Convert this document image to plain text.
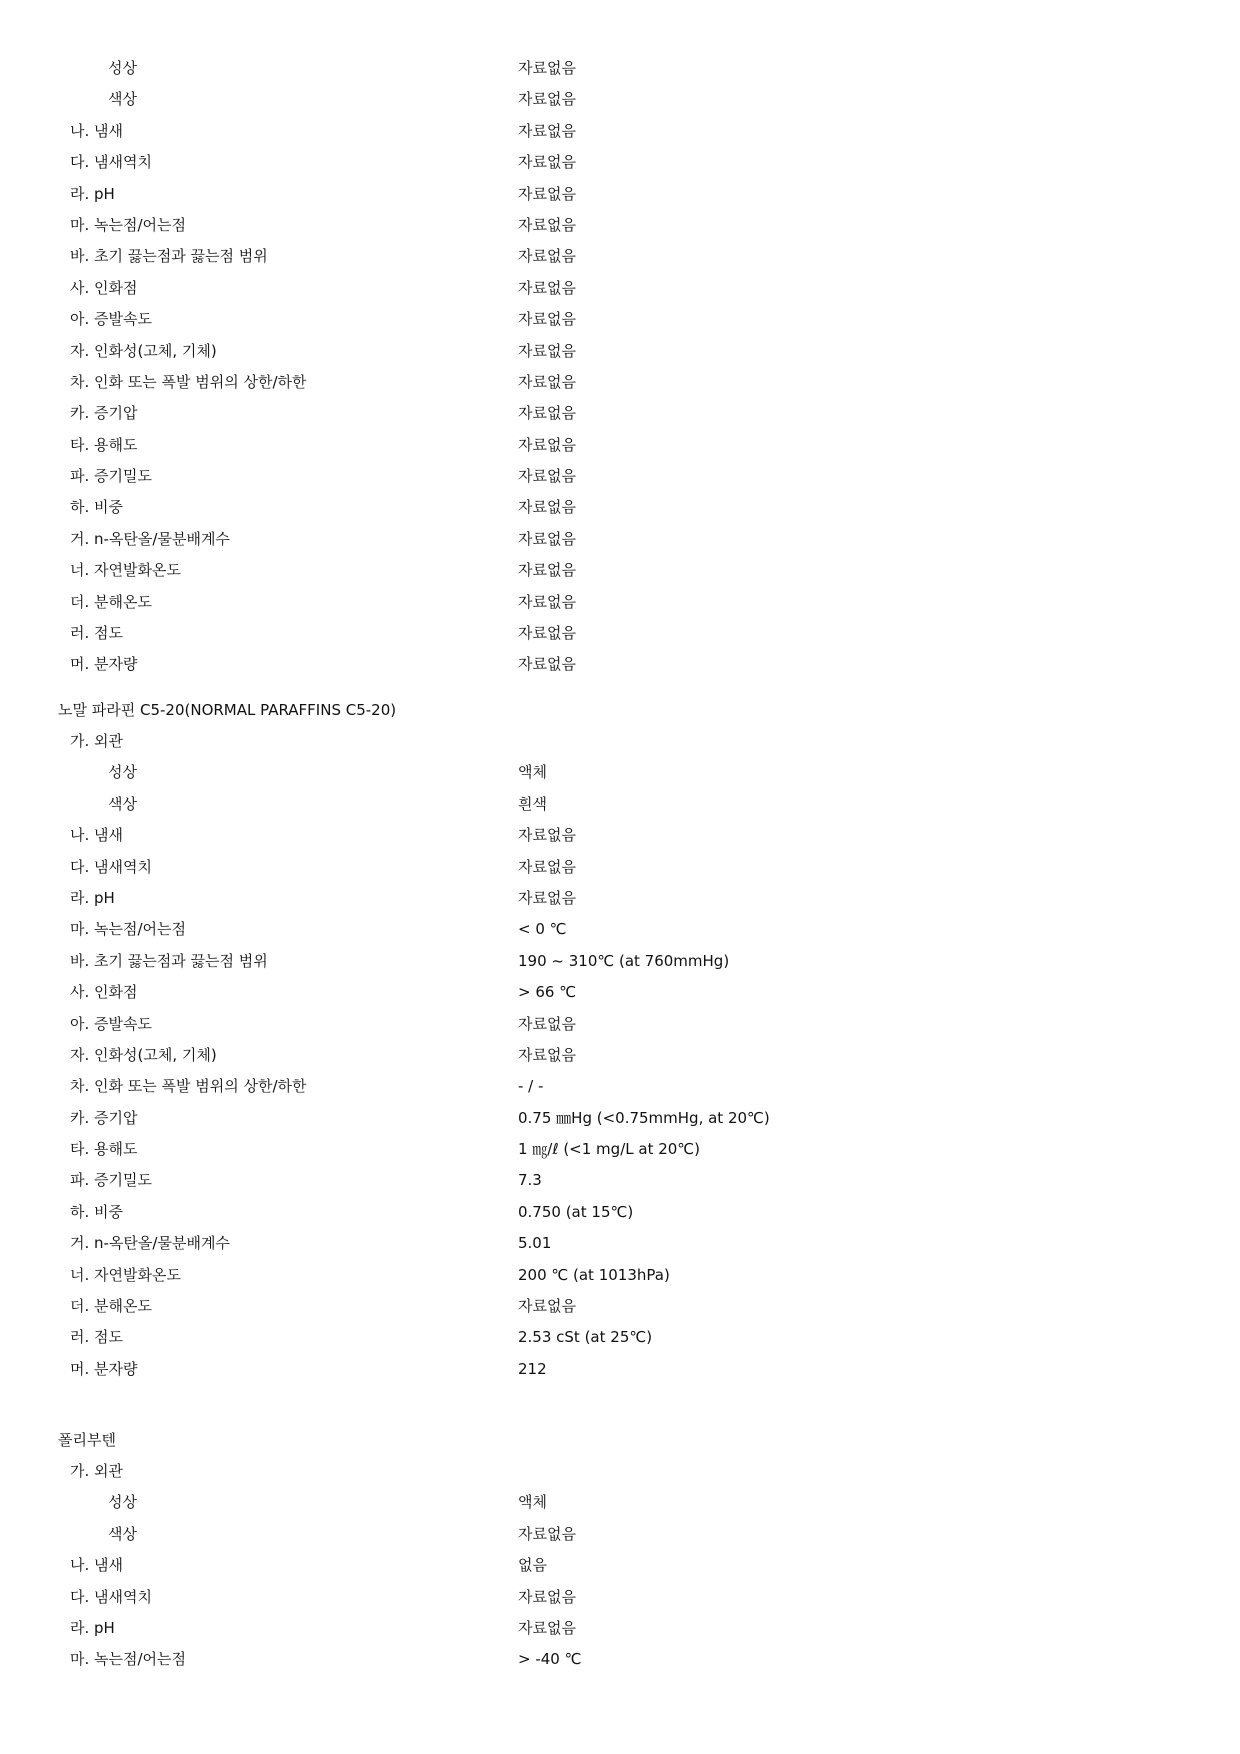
성상	자료없음
색상	자료없음
나. 냄새	자료없음
다. 냄새역치	자료없음
라. pH	자료없음
마. 녹는점/어는점	자료없음
바. 초기 끓는점과 끓는점 범위	자료없음
사. 인화점	자료없음
아. 증발속도	자료없음
자. 인화성(고체, 기체)	자료없음
차. 인화 또는 폭발 범위의 상한/하한	자료없음
카. 증기압	자료없음
타. 용해도	자료없음
파. 증기밀도	자료없음
하. 비중	자료없음
거. n-옥탄올/물분배계수	자료없음
너. 자연발화온도	자료없음
더. 분해온도	자료없음
러. 점도	자료없음
머. 분자량	자료없음
노말 파라핀 C5-20(NORMAL PARAFFINS C5-20)
가. 외관
성상	액체
색상	흰색
나. 냄새	자료없음
다. 냄새역치	자료없음
라. pH	자료없음
마. 녹는점/어는점	< 0 ℃
바. 초기 끓는점과 끓는점 범위	190 ~ 310℃ (at 760mmHg)
사. 인화점	> 66 ℃
아. 증발속도	자료없음
자. 인화성(고체, 기체)	자료없음
차. 인화 또는 폭발 범위의 상한/하한	- / -
카. 증기압	0.75 ㎜Hg (<0.75mmHg, at 20℃)
타. 용해도	1 ㎎/ℓ (<1 mg/L at 20℃)
파. 증기밀도	7.3
하. 비중	0.750 (at 15℃)
거. n-옥탄올/물분배계수	5.01
너. 자연발화온도	200 ℃ (at 1013hPa)
더. 분해온도	자료없음
러. 점도	2.53 cSt (at 25℃)
머. 분자량	212
폴리부텐
가. 외관
성상	액체
색상	자료없음
나. 냄새	없음
다. 냄새역치	자료없음
라. pH	자료없음
마. 녹는점/어는점	> -40 ℃
